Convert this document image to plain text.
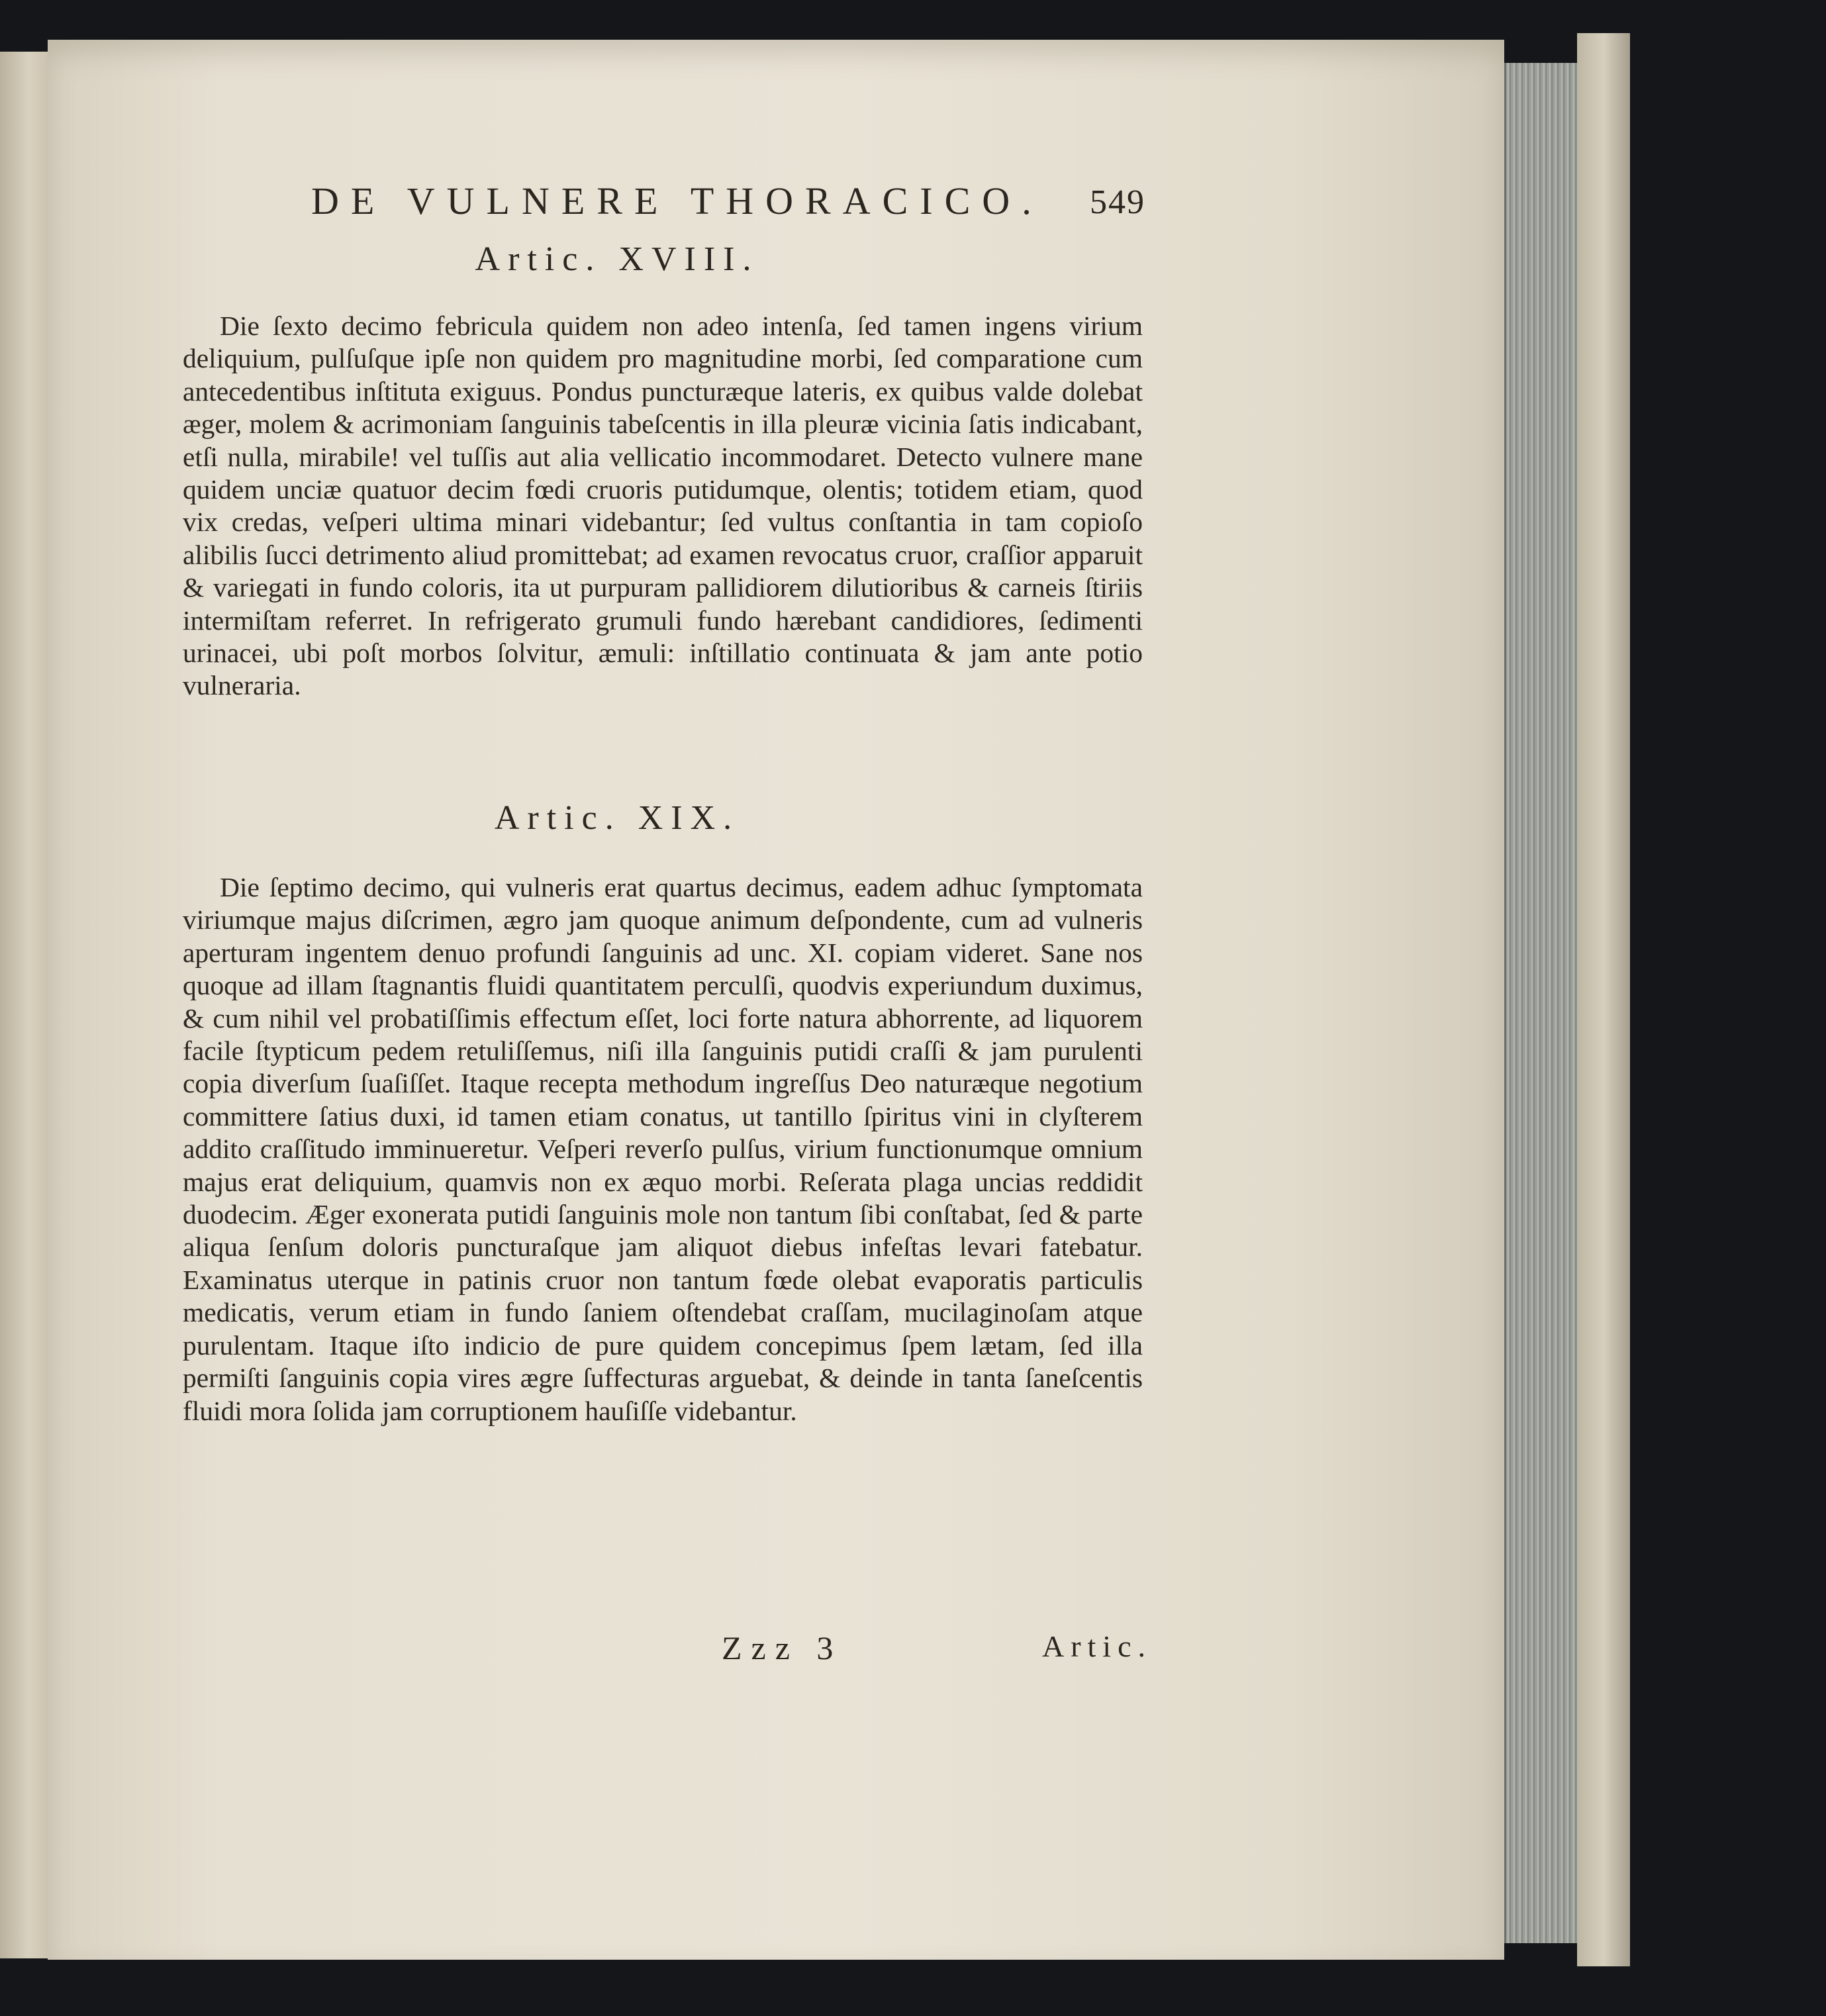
DE VULNERE THORACICO. 549
Artic. XVIII.

Die ſexto decimo febricula quidem non adeo intenſa, ſed tamen ingens virium deliquium, pulſuſque ipſe non quidem pro magnitudine morbi, ſed comparatione cum antecedentibus inſtituta exiguus. Pondus puncturæque lateris, ex quibus valde dolebat æger, molem & acrimoniam ſanguinis tabeſcentis in illa pleuræ vicinia ſatis indicabant, etſi nulla, mirabile! vel tuſſis aut alia vellicatio incommodaret. Detecto vulnere mane quidem unciæ quatuor decim fœdi cruoris putidumque, olentis; totidem etiam, quod vix credas, veſperi ultima minari videbantur; ſed vultus conſtantia in tam copioſo alibilis ſucci detrimento aliud promittebat; ad examen revocatus cruor, craſſior apparuit & variegati in fundo coloris, ita ut purpuram pallidiorem dilutioribus & carneis ſtiriis intermiſtam referret. In refrigerato grumuli fundo hærebant candidiores, ſedimenti urinacei, ubi poſt morbos ſolvitur, æmuli: inſtillatio continuata & jam ante potio vulneraria.

Artic. XIX.

Die ſeptimo decimo, qui vulneris erat quartus decimus, eadem adhuc ſymptomata viriumque majus diſcrimen, ægro jam quoque animum deſpondente, cum ad vulneris aperturam ingentem denuo profundi ſanguinis ad unc. XI. copiam videret. Sane nos quoque ad illam ſtagnantis fluidi quantitatem perculſi, quodvis experiundum duximus, & cum nihil vel probatiſſimis effectum eſſet, loci forte natura abhorrente, ad liquorem facile ſtypticum pedem retuliſſemus, niſi illa ſanguinis putidi craſſi & jam purulenti copia diverſum ſuaſiſſet. Itaque recepta methodum ingreſſus Deo naturæque negotium committere ſatius duxi, id tamen etiam conatus, ut tantillo ſpiritus vini in clyſterem addito craſſitudo imminueretur. Veſperi reverſo pulſus, virium functionumque omnium majus erat deliquium, quamvis non ex æquo morbi. Reſerata plaga uncias reddidit duodecim. Æger exonerata putidi ſanguinis mole non tantum ſibi conſtabat, ſed & parte aliqua ſenſum doloris puncturaſque jam aliquot diebus infeſtas levari fatebatur. Examinatus uterque in patinis cruor non tantum fœde olebat evaporatis particulis medicatis, verum etiam in fundo ſaniem oſtendebat craſſam, mucilaginoſam atque purulentam. Itaque iſto indicio de pure quidem concepimus ſpem lætam, ſed illa permiſti ſanguinis copia vires ægre ſuffecturas arguebat, & deinde in tanta ſaneſcentis fluidi mora ſolida jam corruptionem hauſiſſe videbantur.

Zzz 3	Artic.
